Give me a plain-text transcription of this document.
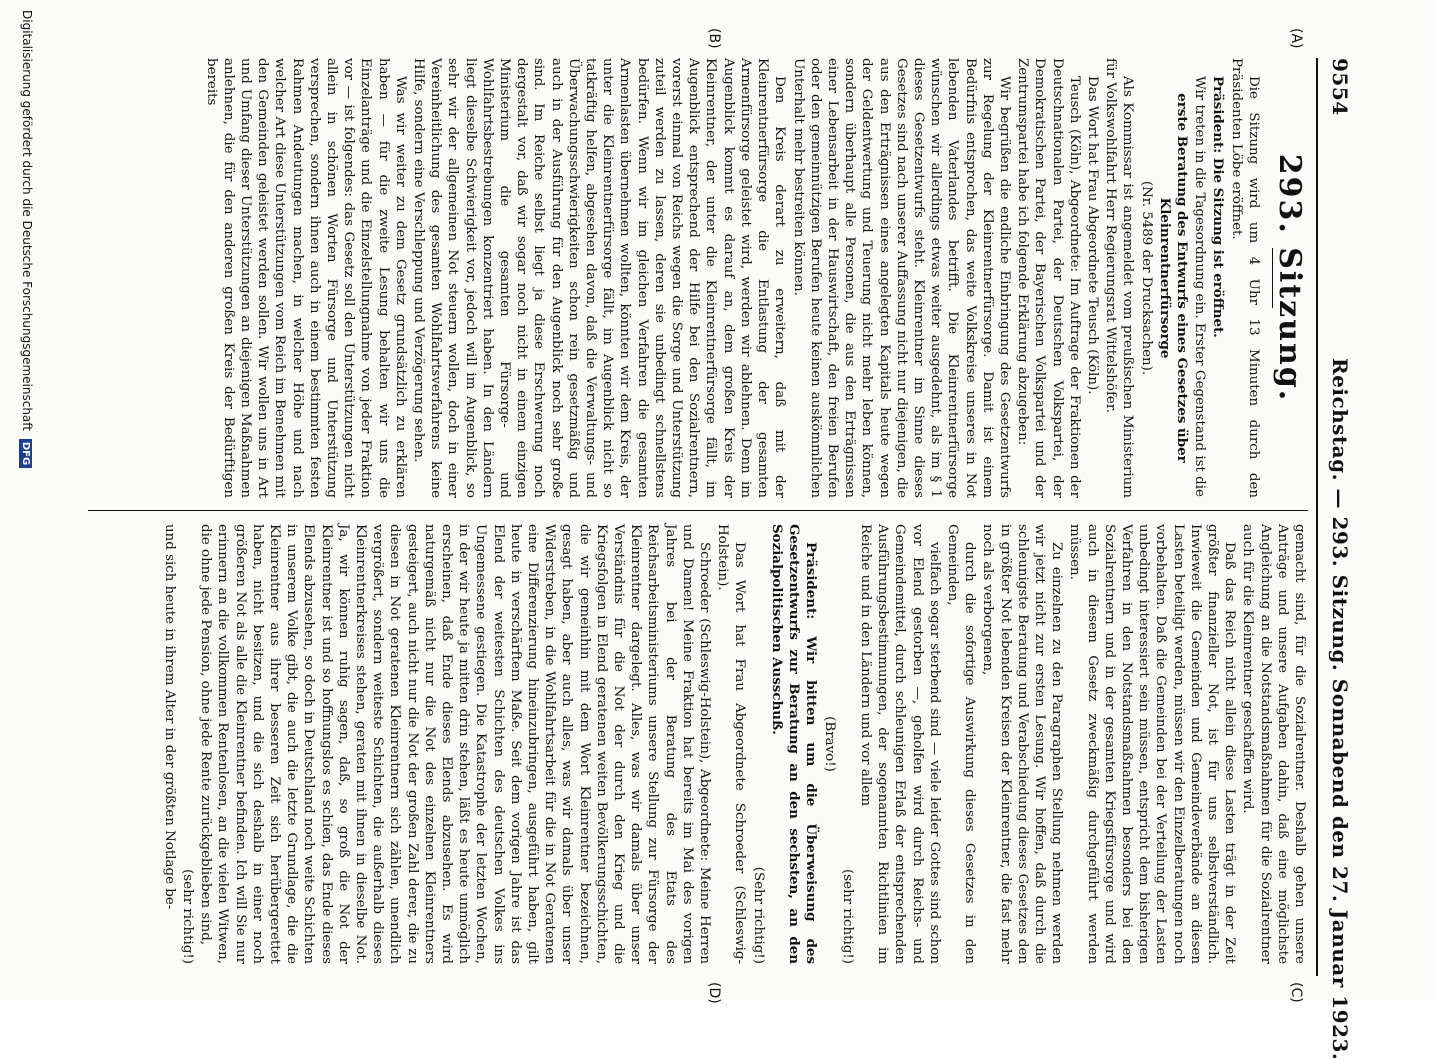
9554
Reichstag. — 293. Sitzung. Sonnabend den 27. Januar 1923.
(A)
(B)
(C)
(D)
293. Sitzung.

Die Sitzung wird um 4 Uhr 13 Minuten durch den Präsidenten Löbe eröffnet.

Präsident: Die Sitzung ist eröffnet.

Wir treten in die Tagesordnung ein. Erster Gegenstand ist die

erste Beratung des Entwurfs eines Gesetzes über Kleinrentnerfürsorge

(Nr. 5489 der Drucksachen).

Als Kommissar ist angemeldet vom preußischen Ministerium für Volkswohlfahrt Herr Regierungsrat Wittelshöfer.

Das Wort hat Frau Abgeordnete Teusch (Köln).

Teusch (Köln), Abgeordnete: Im Auftrage der Fraktionen der Deutschnationalen Partei, der Deutschen Volkspartei, der Demokratischen Partei, der Bayerischen Volkspartei und der Zentrumspartei habe ich folgende Erklärung abzugeben:

Wir begrüßen die endliche Einbringung des Gesetzentwurfs zur Regelung der Kleinrentnerfürsorge. Damit ist einem Bedürfnis entsprochen, das weite Volkskreise unseres in Not lebenden Vaterlandes betrifft. Die Kleinrentnerfürsorge wünschen wir allerdings etwas weiter ausgedehnt, als im § 1 dieses Gesetzentwurfs steht. Kleinrentner im Sinne dieses Gesetzes sind nach unserer Auffassung nicht nur diejenigen, die aus den Erträgnissen eines angelegten Kapitals heute wegen der Geldentwertung und Teuerung nicht mehr leben können, sondern überhaupt alle Personen, die aus den Erträgnissen einer Lebensarbeit in der Hauswirtschaft, den freien Berufen oder den gemeinnützigen Berufen heute keinen auskömmlichen Unterhalt mehr bestreiten können.

Den Kreis derart zu erweitern, daß mit der Kleinrentnerfürsorge die Entlastung der gesamten Armenfürsorge geleistet wird, werden wir ablehnen. Denn im Augenblick kommt es darauf an, dem großen Kreis der Kleinrentner, der unter die Kleinrentnerfürsorge fällt, im Augenblick entsprechend der Hilfe bei den Sozialrentnern, vorerst einmal von Reichs wegen die Sorge und Unterstützung zuteil werden zu lassen, deren sie unbedingt schnellstens bedürfen. Wenn wir im gleichen Verfahren die gesamten Armenlasten übernehmen wollten, könnten wir dem Kreis, der unter die Kleinrentnerfürsorge fällt, im Augenblick nicht so tatkräftig helfen, abgesehen davon, daß die Verwaltungs- und Überwachungsschwierigkeiten schon rein gesetzmäßig und auch in der Ausführung für den Augenblick noch sehr große sind. Im Reiche selbst liegt ja diese Erschwerung noch dergestalt vor, daß wir sogar noch nicht in einem einzigen Ministerium die gesamten Fürsorge- und Wohlfahrtsbestrebungen konzentriert haben. In den Ländern liegt dieselbe Schwierigkeit vor, jedoch will im Augenblick, so sehr wir der allgemeinen Not steuern wollen, doch in einer Vereinheitlichung des gesamten Wohlfahrtsverfahrens keine Hilfe, sondern eine Verschleppung und Verzögerung sehen.

Was wir weiter zu dem Gesetz grundsätzlich zu erklären haben — für die zweite Lesung behalten wir uns die Einzelanträge und die Einzelstellungnahme von jeder Fraktion vor — ist folgendes: das Gesetz soll den Unterstützungen nicht allein in schönen Worten Fürsorge und Unterstützung versprechen, sondern ihnen auch in einem bestimmten festen Rahmen Andeutungen machen, in welcher Höhe und nach welcher Art diese Unterstützungen vom Reich im Benehmen mit den Gemeinden geleistet werden sollen. Wir wollen uns in Art und Umfang dieser Unterstützungen an diejenigen Maßnahmen anlehnen, die für den anderen großen Kreis der Bedürftigen bereits

gemacht sind, für die Sozialrentner. Deshalb gehen unsere Anträge und unsere Aufgaben dahin, daß eine möglichste Angleichung an die Notstandsmaßnahmen für die Sozialrentner auch für die Kleinrentner geschaffen wird.

Daß das Reich nicht allein diese Lasten trägt in der Zeit größter finanzieller Not, ist für uns selbstverständlich. Inwieweit die Gemeinden und Gemeindeverbände an diesen Lasten beteiligt werden, müssen wir den Einzelberatungen noch vorbehalten. Daß die Gemeinden bei der Verteilung der Lasten unbedingt interessiert sein müssen, entspricht dem bisherigen Verfahren in den Notstandsmaßnahmen besonders bei den Sozialrentnern und in der gesamten Kriegsfürsorge und wird auch in diesem Gesetz zweckmäßig durchgeführt werden müssen.

Zu einzelnen zu den Paragraphen Stellung nehmen werden wir jetzt nicht zur ersten Lesung. Wir hoffen, daß durch die schleunigste Beratung und Verabschiedung dieses Gesetzes den in größter Not lebenden Kreisen der Kleinrentner, die fast mehr noch als verborgenen,

durch die sofortige Auswirkung dieses Gesetzes in den Gemeinden,

vielfach sogar sterbend sind — viele leider Gottes sind schon vor Elend gestorben —, geholfen wird durch Reichs- und Gemeindemittel, durch schleunigen Erlaß der entsprechenden Ausführungsbestimmungen, der sogenannten Richtlinien im Reiche und in den Ländern und vor allem

(sehr richtig!)

(Bravo!)

Präsident: Wir bitten um die Überweisung des Gesetzentwurfs zur Beratung an den sechsten, an den Sozialpolitischen Ausschuß.

(Sehr richtig!)

Das Wort hat Frau Abgeordnete Schroeder (Schleswig-Holstein).

Schroeder (Schleswig-Holstein), Abgeordnete: Meine Herren und Damen! Meine Fraktion hat bereits im Mai des vorigen Jahres bei der Beratung des Etats des Reichsarbeitsministeriums unsere Stellung zur Fürsorge der Kleinrentner dargelegt. Alles, was wir damals über unser Verständnis für die Not der durch den Krieg und die Kriegsfolgen in Elend geratenen weiten Bevölkerungsschichten, die wir gemeinhin mit dem Wort Kleinrentner bezeichnen, gesagt haben, aber auch alles, was wir damals über unser Widerstreben, in die Wohlfahrtsarbeit für die in Not Geratenen eine Differenzierung hineinzubringen, ausgeführt haben, gilt heute in verschärftem Maße. Seit dem vorigen Jahre ist das Elend der weitesten Schichten des deutschen Volkes ins Ungemessene gestiegen. Die Katastrophe der letzten Wochen, in der wir heute ja mitten drin stehen, läßt es heute unmöglich erscheinen, daß Ende dieses Elends abzusehen. Es wird naturgemäß nicht nur die Not des einzelnen Kleinrentners gesteigert, auch nicht nur die Not der großen Zahl derer, die zu diesen in Not geratenen Kleinrentnern sich zählen, unendlich vergrößert, sondern weiteste Schichten, die außerhalb dieses Kleinrentnerkreises stehen, geraten mit ihnen in dieselbe Not. Ja, wir können ruhig sagen, daß, so groß die Not der Kleinrentner ist und so hoffnungslos es schien, das Ende dieses Elends abzusehen, so doch in Deutschland noch weite Schichten in unserem Volke gibt, die auch die letzte Grundlage, die die Kleinrentner aus ihrer besseren Zeit sich herübergerettet haben, nicht besitzen, und die sich deshalb in einer noch größeren Not als alle die Kleinrentner befinden. Ich will Sie nur erinnern an die vollkommen Rentenlosen, an die vielen Witwen, die ohne jede Pension, ohne jede Rente zurückgeblieben sind,

(sehr richtig!)

und sich heute in ihrem Alter in der größten Notlage be-

Digitalisierung gefördert durch die Deutsche Forschungsgemeinschaft DFG
